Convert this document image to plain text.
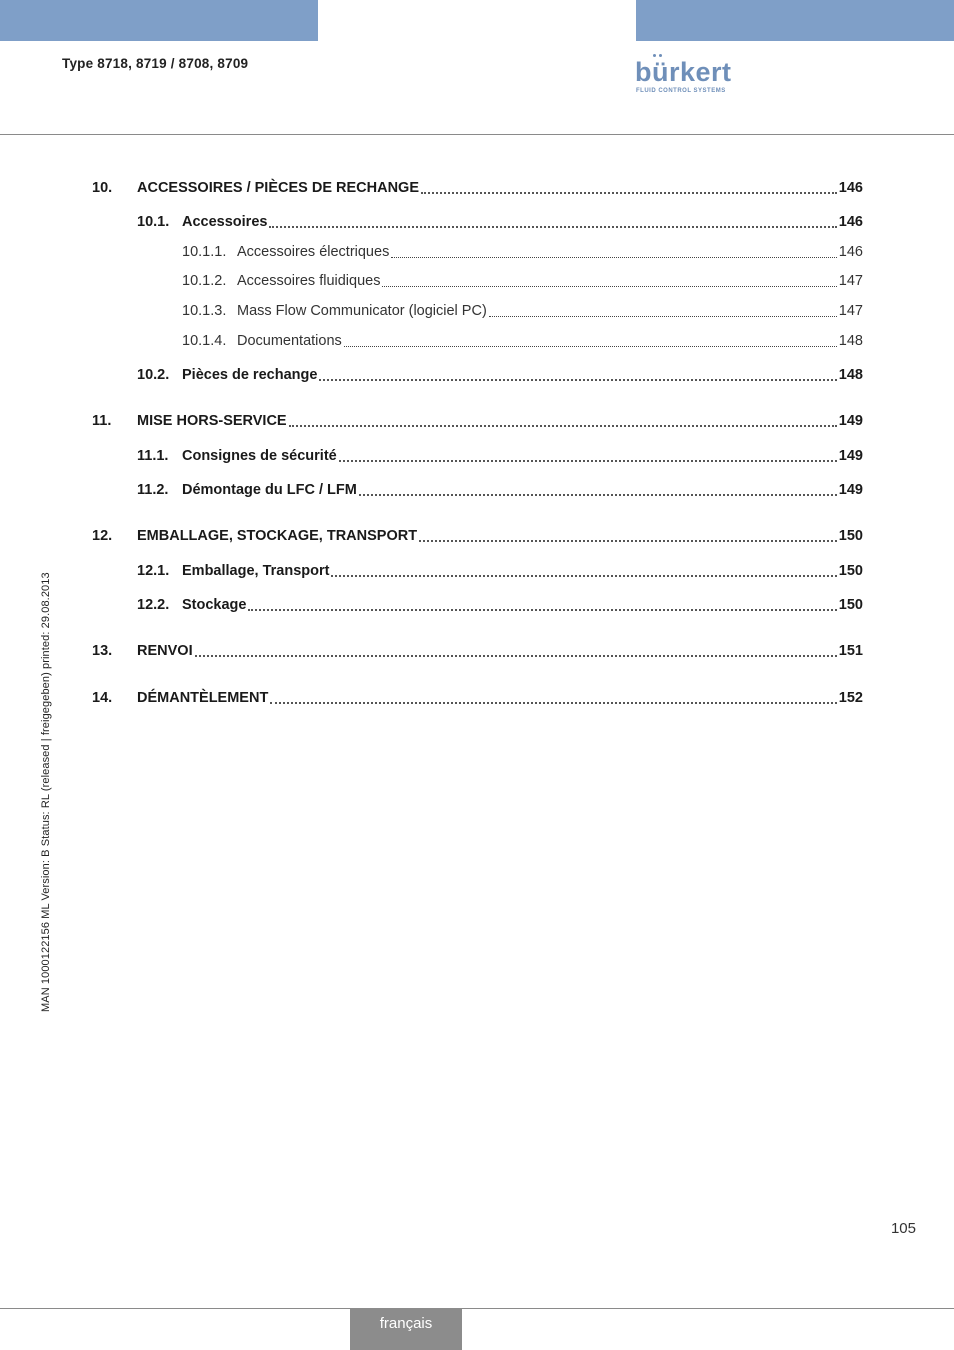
Type 8718, 8719 / 8708, 8709	bürkert
FLUID CONTROL SYSTEMS
10.	ACCESSOIRES / PIÈCES DE RECHANGE	146
10.1. Accessoires	146
10.1.1. Accessoires électriques	146
10.1.2. Accessoires fluidiques	147
10.1.3. Mass Flow Communicator (logiciel PC)	147
10.1.4. Documentations	148
10.2. Pièces de rechange	148
11.	MISE HORS-SERVICE	149
11.1. Consignes de sécurité	149
11.2. Démontage du LFC / LFM	149
12.	EMBALLAGE, STOCKAGE, TRANSPORT	150
12.1. Emballage, Transport	150
12.2. Stockage	150
13.	RENVOI	151
14.	DÉMANTÈLEMENT	152
MAN 1000122156 ML Version: B Status: RL (released | freigegeben) printed: 29.08.2013
105
français
